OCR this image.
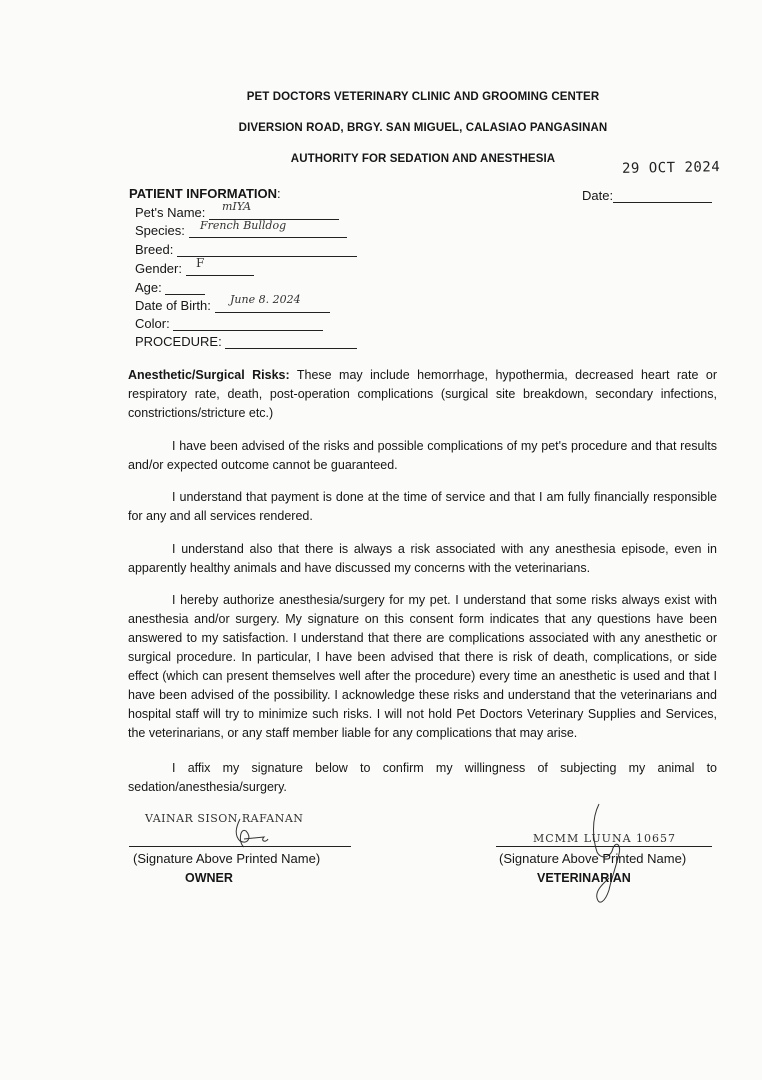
PET DOCTORS VETERINARY CLINIC AND GROOMING CENTER
DIVERSION ROAD, BRGY. SAN MIGUEL, CALASIAO PANGASINAN
AUTHORITY FOR SEDATION AND ANESTHESIA
29 OCT 2024
Date:
PATIENT INFORMATION:
Pet's Name:	mIYA
Species:	French Bulldog
Breed:
Gender:	F
Age:
Date of Birth:	June 8. 2024
Color:
PROCEDURE:
Anesthetic/Surgical Risks: These may include hemorrhage, hypothermia, decreased heart rate or respiratory rate, death, post-operation complications (surgical site breakdown, secondary infections, constrictions/stricture etc.)
I have been advised of the risks and possible complications of my pet's procedure and that results and/or expected outcome cannot be guaranteed.
I understand that payment is done at the time of service and that I am fully financially responsible for any and all services rendered.
I understand also that there is always a risk associated with any anesthesia episode, even in apparently healthy animals and have discussed my concerns with the veterinarians.
I hereby authorize anesthesia/surgery for my pet. I understand that some risks always exist with anesthesia and/or surgery. My signature on this consent form indicates that any questions have been answered to my satisfaction. I understand that there are complications associated with any anesthetic or surgical procedure. In particular, I have been advised that there is risk of death, complications, or side effect (which can present themselves well after the procedure) every time an anesthetic is used and that I have been advised of the possibility. I acknowledge these risks and understand that the veterinarians and hospital staff will try to minimize such risks. I will not hold Pet Doctors Veterinary Supplies and Services, the veterinarians, or any staff member liable for any complications that may arise.
I affix my signature below to confirm my willingness of subjecting my animal to sedation/anesthesia/surgery.
VAINAR SISON RAFANAN
(Signature Above Printed Name)
OWNER
MCMM LUUNA 10657
(Signature Above Printed Name)
VETERINARIAN
